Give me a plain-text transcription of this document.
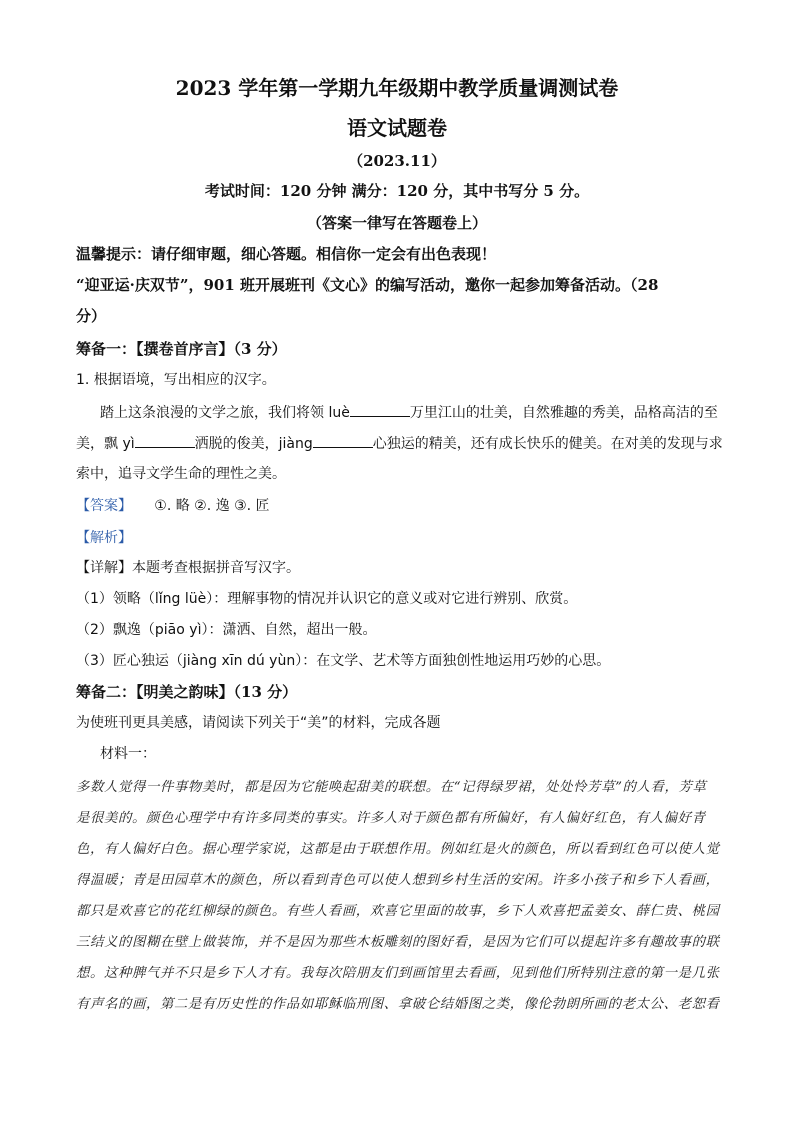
2023 学年第一学期九年级期中教学质量调测试卷
语文试题卷
（2023.11）
考试时间：120 分钟 满分：120 分，其中书写分 5 分。
（答案一律写在答题卷上）
温馨提示：请仔细审题，细心答题。相信你一定会有出色表现！
“迎亚运·庆双节”，901 班开展班刊《文心》的编写活动，邀你一起参加筹备活动。（28
分）
筹备一：【撰卷首序言】（3 分）
1. 根据语境，写出相应的汉字。
踏上这条浪漫的文学之旅，我们将领 luè	万里江山的壮美，自然雅趣的秀美，品格高洁的至
美，飘 yì	洒脱的俊美，jiàng	心独运的精美，还有成长快乐的健美。在对美的发现与求
索中，追寻文学生命的理性之美。
【答案】 ①. 略 ②. 逸 ③. 匠
【解析】
【详解】本题考查根据拼音写汉字。
（1）领略（lǐng lüè）：理解事物的情况并认识它的意义或对它进行辨别、欣赏。
（2）飘逸（piāo yì）：潇洒、自然，超出一般。
（3）匠心独运（jiàng xīn dú yùn）：在文学、艺术等方面独创性地运用巧妙的心思。
筹备二：【明美之韵味】（13 分）
为使班刊更具美感，请阅读下列关于“美”的材料，完成各题
材料一：

多数人觉得一件事物美时，都是因为它能唤起甜美的联想。在“记得绿罗裙，处处怜芳草”的人看，芳草

是很美的。颜色心理学中有许多同类的事实。许多人对于颜色都有所偏好，有人偏好红色，有人偏好青

色，有人偏好白色。据心理学家说，这都是由于联想作用。例如红是火的颜色，所以看到红色可以使人觉

得温暖；青是田园草木的颜色，所以看到青色可以使人想到乡村生活的安闲。许多小孩子和乡下人看画，

都只是欢喜它的花红柳绿的颜色。有些人看画，欢喜它里面的故事，乡下人欢喜把孟姜女、薛仁贵、桃园

三结义的图糊在壁上做装饰，并不是因为那些木板雕刻的图好看，是因为它们可以提起许多有趣故事的联

想。这种脾气并不只是乡下人才有。我每次陪朋友们到画馆里去看画，见到他们所特别注意的第一是几张

有声名的画，第二是有历史性的作品如耶稣临刑图、拿破仑结婚图之类，像伦勃朗所画的老太公、老恕看
